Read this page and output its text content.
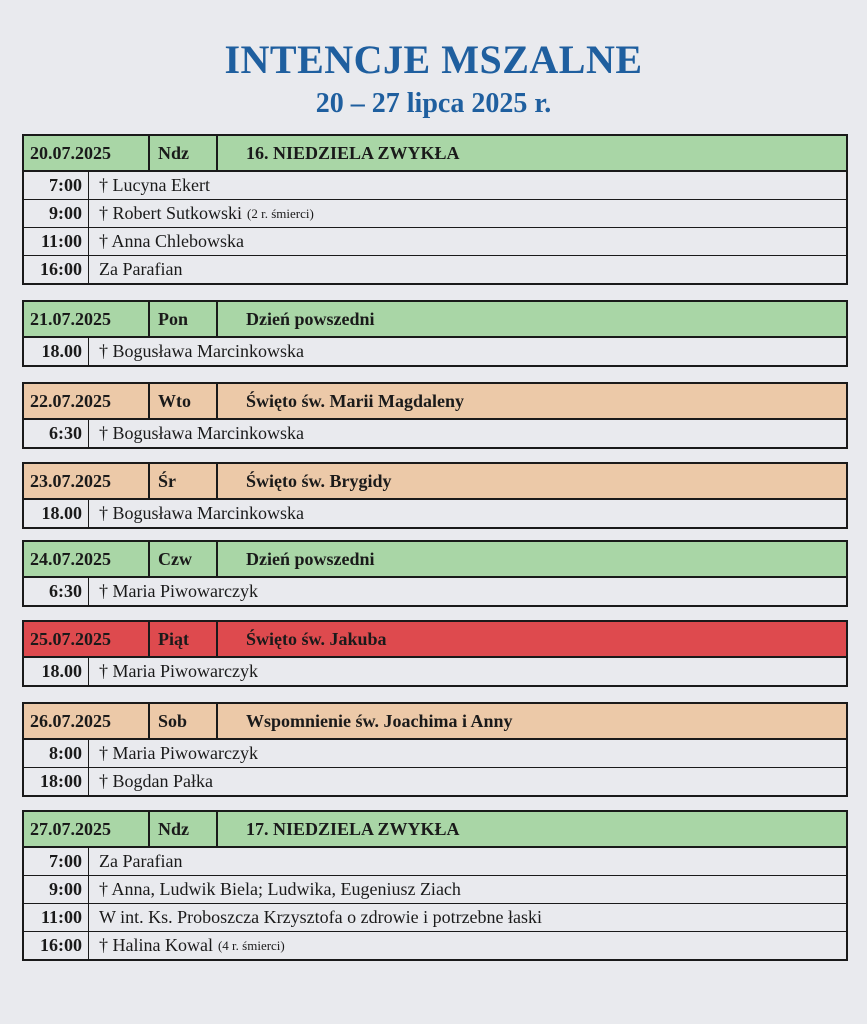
INTENCJE MSZALNE
20 – 27 lipca 2025 r.
20.07.2025	Ndz	16. NIEDZIELA ZWYKŁA
7:00 † Lucyna Ekert
9:00 † Robert Sutkowski (2 r. śmierci)
11:00 † Anna Chlebowska
16:00 Za Parafian
21.07.2025	Pon	Dzień powszedni
18.00 † Bogusława Marcinkowska
22.07.2025	Wto	Święto św. Marii Magdaleny
6:30 † Bogusława Marcinkowska
23.07.2025	Śr	Święto św. Brygidy
18.00 † Bogusława Marcinkowska
24.07.2025	Czw	Dzień powszedni
6:30 † Maria Piwowarczyk
25.07.2025	Piąt	Święto św. Jakuba
18.00 † Maria Piwowarczyk
26.07.2025	Sob	Wspomnienie św. Joachima i Anny
8:00 † Maria Piwowarczyk
18:00 † Bogdan Pałka
27.07.2025	Ndz	17. NIEDZIELA ZWYKŁA
7:00 Za Parafian
9:00 † Anna, Ludwik Biela; Ludwika, Eugeniusz Ziach
11:00 W int. Ks. Proboszcza Krzysztofa o zdrowie i potrzebne łaski
16:00 † Halina Kowal (4 r. śmierci)
